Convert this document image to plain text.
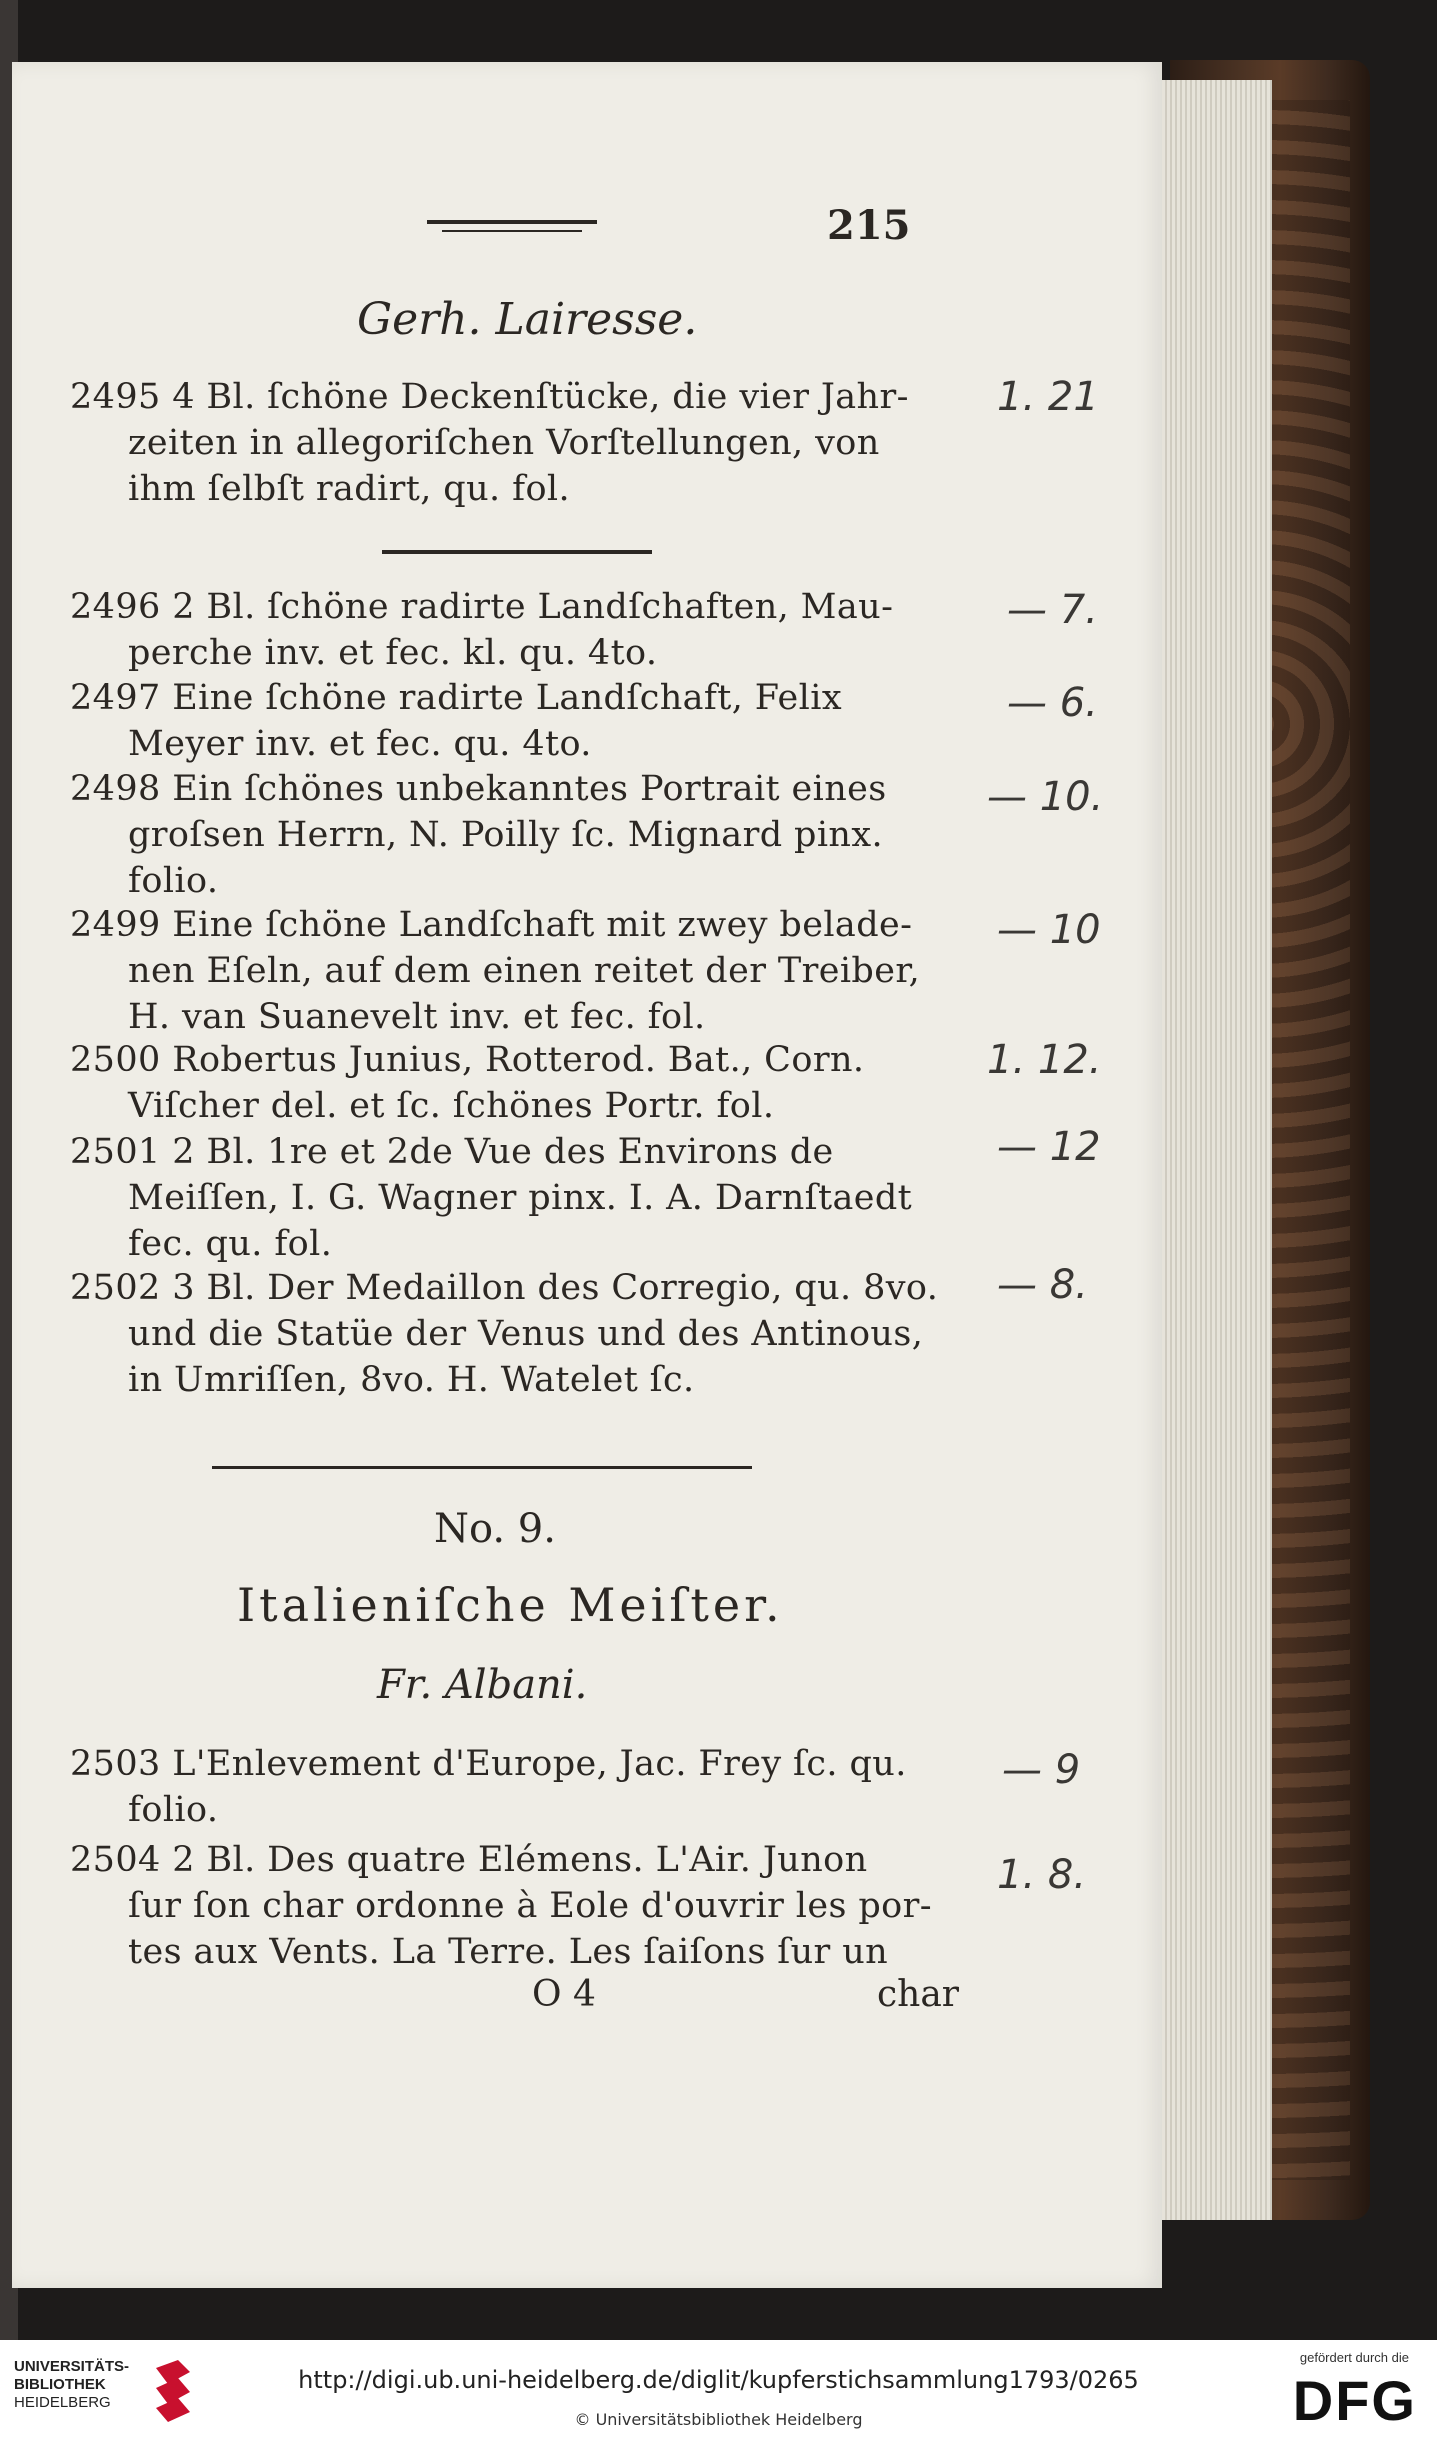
215
Gerh. Lairesse.
2495 4 Bl. ſchöne Deckenſtücke, die vier Jahr-
zeiten in allegoriſchen Vorſtellungen, von
ihm ſelbſt radirt, qu. fol.
1. 21
2496 2 Bl. ſchöne radirte Landſchaften, Mau-
perche inv. et fec. kl. qu. 4to.
— 7.
2497 Eine ſchöne radirte Landſchaft, Felix
Meyer inv. et fec. qu. 4to.
— 6.
2498 Ein ſchönes unbekanntes Portrait eines
groſsen Herrn, N. Poilly ſc. Mignard pinx.
folio.
— 10.
2499 Eine ſchöne Landſchaft mit zwey belade-
nen Eſeln, auf dem einen reitet der Treiber,
H. van Suanevelt inv. et fec. fol.
— 10
2500 Robertus Junius, Rotterod. Bat., Corn.
Viſcher del. et ſc. ſchönes Portr. fol.
1. 12.
2501 2 Bl. 1re et 2de Vue des Environs de
Meiſſen, I. G. Wagner pinx. I. A. Darnſtaedt
fec. qu. fol.
— 12
2502 3 Bl. Der Medaillon des Corregio, qu. 8vo.
und die Statüe der Venus und des Antinous,
in Umriſſen, 8vo. H. Watelet ſc.
— 8.
No. 9.
Italieniſche Meiſter.
Fr. Albani.
2503 L'Enlevement d'Europe, Jac. Frey ſc. qu.
folio.
— 9
2504 2 Bl. Des quatre Elémens. L'Air. Junon
ſur ſon char ordonne à Eole d'ouvrir les por-
tes aux Vents. La Terre. Les ſaiſons ſur un
1. 8.
O 4	char
UNIVERSITÄTS-
BIBLIOTHEK
HEIDELBERG
http://digi.ub.uni-heidelberg.de/diglit/kupferstichsammlung1793/0265
© Universitätsbibliothek Heidelberg
gefördert durch die
DFG
